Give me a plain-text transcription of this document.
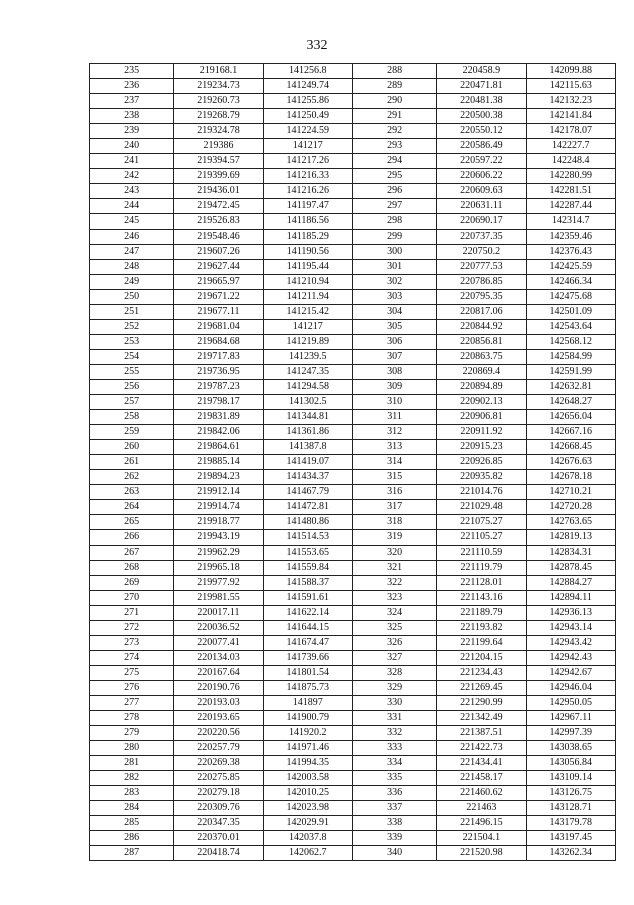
332
235	219168.1	141256.8	288	220458.9	142099.88
236	219234.73	141249.74	289	220471.81	142115.63
237	219260.73	141255.86	290	220481.38	142132.23
238	219268.79	141250.49	291	220500.38	142141.84
239	219324.78	141224.59	292	220550.12	142178.07
240	219386	141217	293	220586.49	142227.7
241	219394.57	141217.26	294	220597.22	142248.4
242	219399.69	141216.33	295	220606.22	142280.99
243	219436.01	141216.26	296	220609.63	142281.51
244	219472.45	141197.47	297	220631.11	142287.44
245	219526.83	141186.56	298	220690.17	142314.7
246	219548.46	141185.29	299	220737.35	142359.46
247	219607.26	141190.56	300	220750.2	142376.43
248	219627.44	141195.44	301	220777.53	142425.59
249	219665.97	141210.94	302	220786.85	142466.34
250	219671.22	141211.94	303	220795.35	142475.68
251	219677.11	141215.42	304	220817.06	142501.09
252	219681.04	141217	305	220844.92	142543.64
253	219684.68	141219.89	306	220856.81	142568.12
254	219717.83	141239.5	307	220863.75	142584.99
255	219736.95	141247.35	308	220869.4	142591.99
256	219787.23	141294.58	309	220894.89	142632.81
257	219798.17	141302.5	310	220902.13	142648.27
258	219831.89	141344.81	311	220906.81	142656.04
259	219842.06	141361.86	312	220911.92	142667.16
260	219864.61	141387.8	313	220915.23	142668.45
261	219885.14	141419.07	314	220926.85	142676.63
262	219894.23	141434.37	315	220935.82	142678.18
263	219912.14	141467.79	316	221014.76	142710.21
264	219914.74	141472.81	317	221029.48	142720.28
265	219918.77	141480.86	318	221075.27	142763.65
266	219943.19	141514.53	319	221105.27	142819.13
267	219962.29	141553.65	320	221110.59	142834.31
268	219965.18	141559.84	321	221119.79	142878.45
269	219977.92	141588.37	322	221128.01	142884.27
270	219981.55	141591.61	323	221143.16	142894.11
271	220017.11	141622.14	324	221189.79	142936.13
272	220036.52	141644.15	325	221193.82	142943.14
273	220077.41	141674.47	326	221199.64	142943.42
274	220134.03	141739.66	327	221204.15	142942.43
275	220167.64	141801.54	328	221234.43	142942.67
276	220190.76	141875.73	329	221269.45	142946.04
277	220193.03	141897	330	221290.99	142950.05
278	220193.65	141900.79	331	221342.49	142967.11
279	220220.56	141920.2	332	221387.51	142997.39
280	220257.79	141971.46	333	221422.73	143038.65
281	220269.38	141994.35	334	221434.41	143056.84
282	220275.85	142003.58	335	221458.17	143109.14
283	220279.18	142010.25	336	221460.62	143126.75
284	220309.76	142023.98	337	221463	143128.71
285	220347.35	142029.91	338	221496.15	143179.78
286	220370.01	142037.8	339	221504.1	143197.45
287	220418.74	142062.7	340	221520.98	143262.34
